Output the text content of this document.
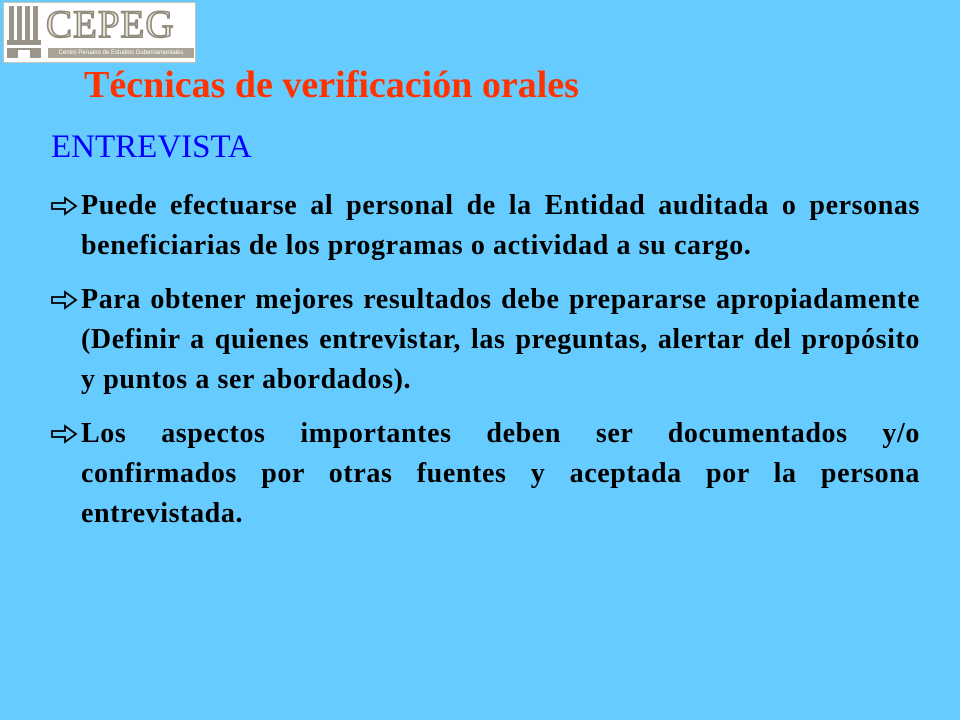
CEPEG
Centro Peruano de Estudios Gubernamentales
Técnicas de verificación orales
ENTREVISTA
Puede efectuarse al personal de la Entidad auditada o personas beneficiarias de los programas o actividad a su cargo.
Para obtener mejores resultados debe prepararse apropiadamente (Definir a quienes entrevistar, las preguntas, alertar del propósito y puntos a ser abordados).
Los aspectos importantes deben ser documentados y/o confirmados por otras fuentes y aceptada por la persona entrevistada.
